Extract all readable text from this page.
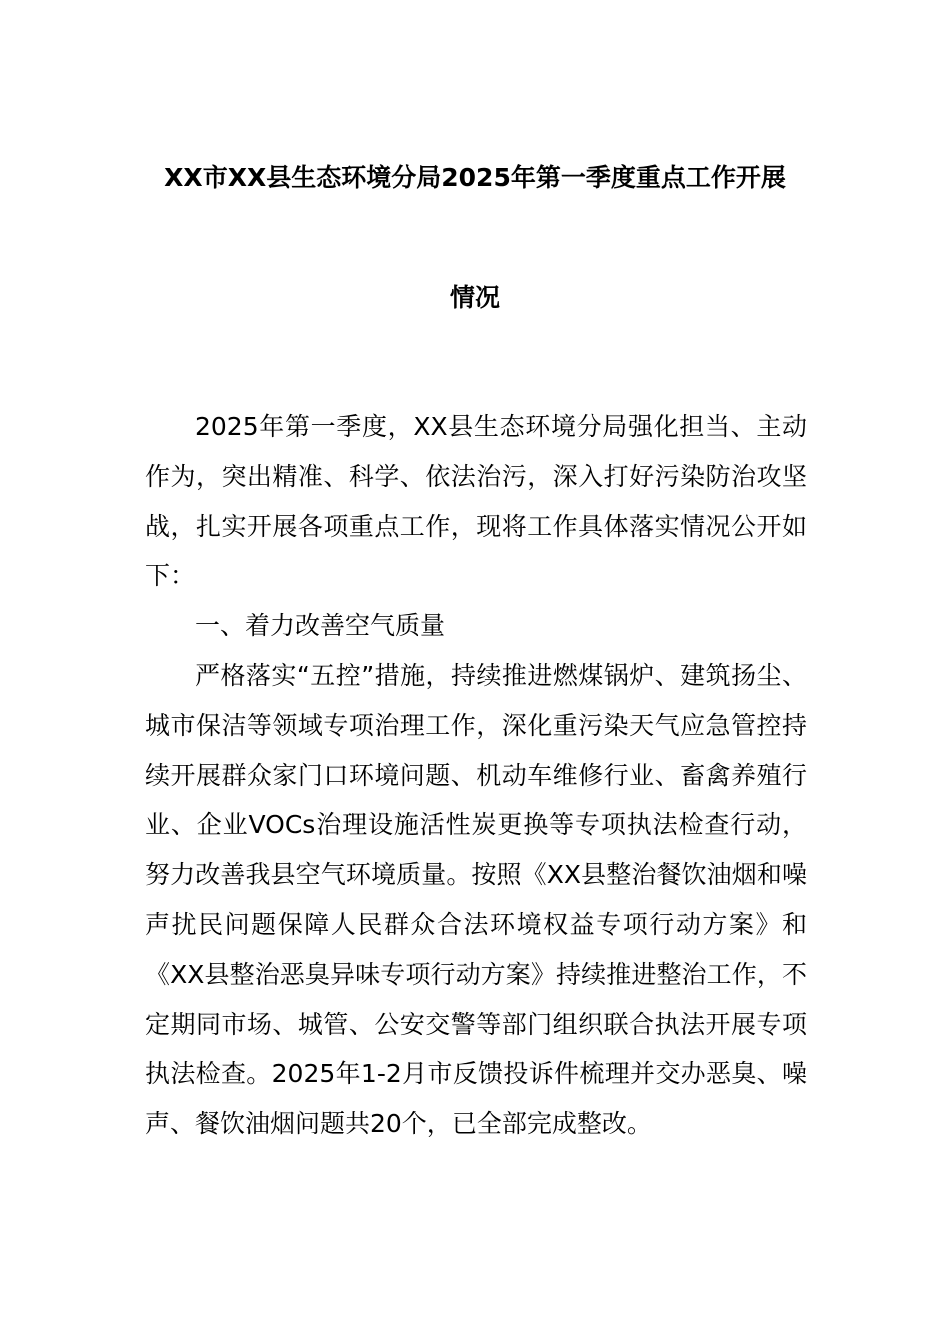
XX市XX县生态环境分局2025年第一季度重点工作开展
情况

2025年第一季度，XX县生态环境分局强化担当、主动作为，突出精准、科学、依法治污，深入打好污染防治攻坚战，扎实开展各项重点工作，现将工作具体落实情况公开如下：

一、着力改善空气质量

严格落实“五控”措施，持续推进燃煤锅炉、建筑扬尘、城市保洁等领域专项治理工作，深化重污染天气应急管控持续开展群众家门口环境问题、机动车维修行业、畜禽养殖行业、企业VOCs治理设施活性炭更换等专项执法检查行动，努力改善我县空气环境质量。按照《XX县整治餐饮油烟和噪声扰民问题保障人民群众合法环境权益专项行动方案》和《XX县整治恶臭异味专项行动方案》持续推进整治工作，不定期同市场、城管、公安交警等部门组织联合执法开展专项执法检查。2025年1-2月市反馈投诉件梳理并交办恶臭、噪声、餐饮油烟问题共20个，已全部完成整改。
